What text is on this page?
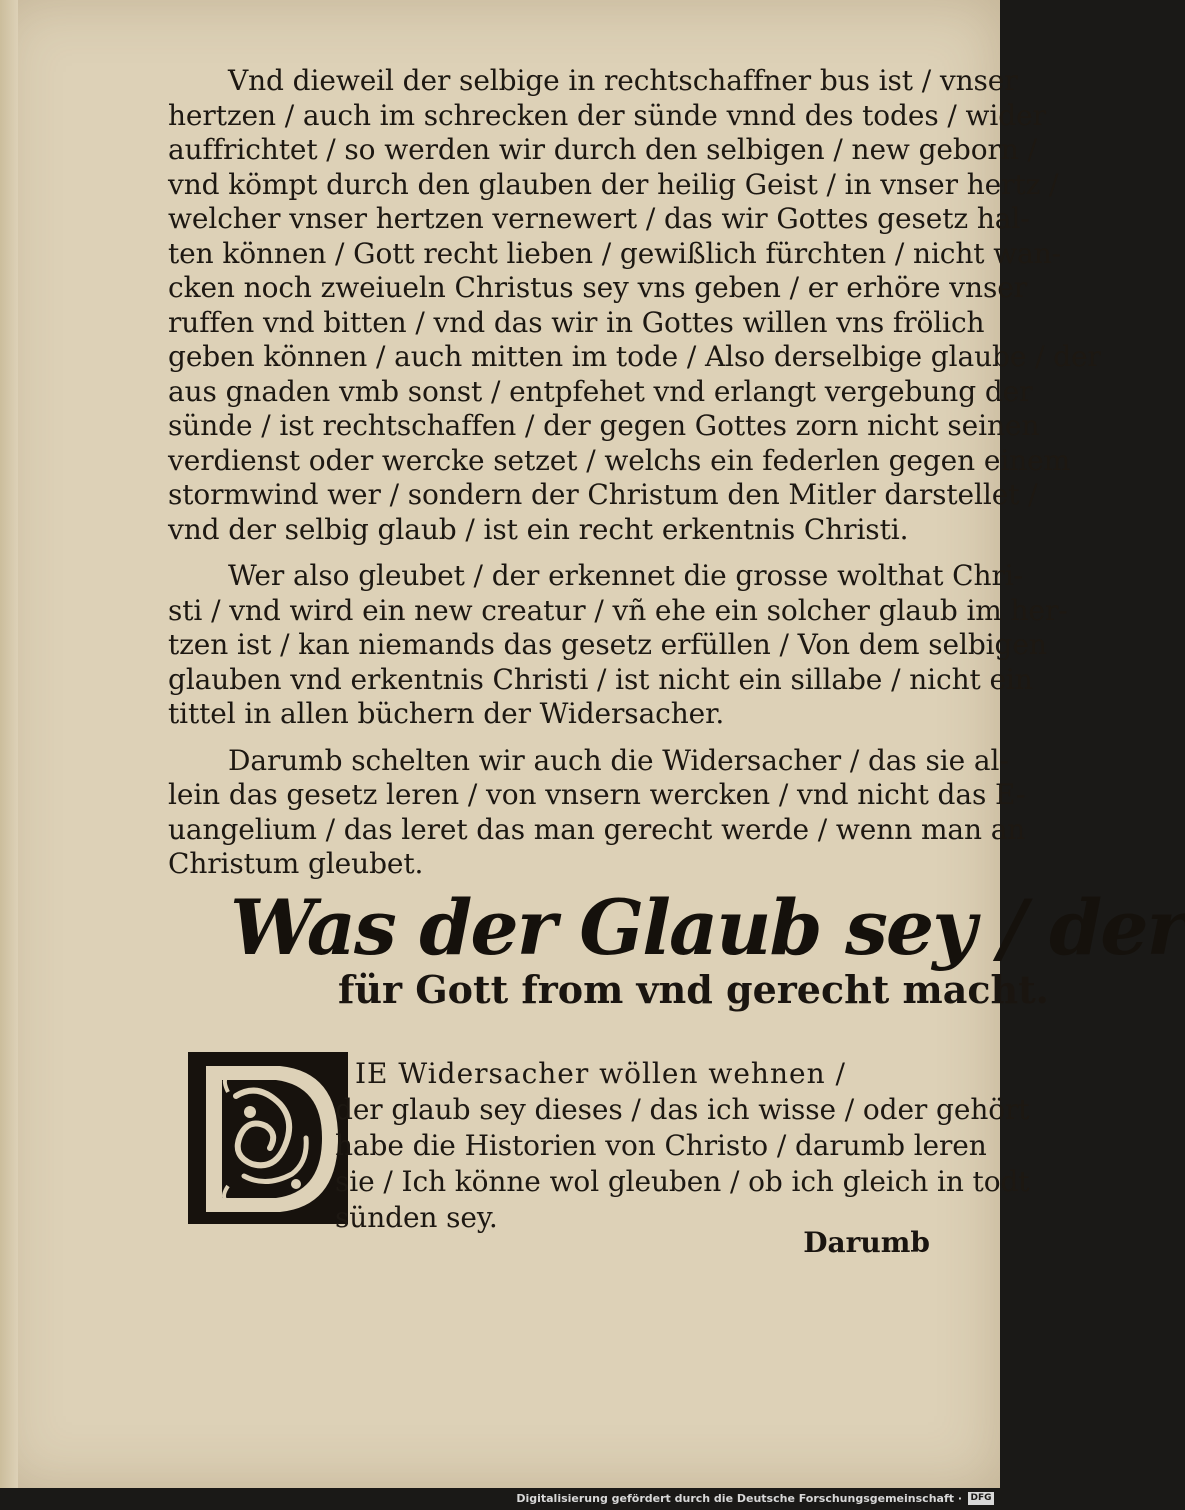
Vnd dieweil der selbige in rechtschaffner bus ist / vnser
hertzen / auch im schrecken der sünde vnnd des todes / wider
auffrichtet / so werden wir durch den selbigen / new geborn /
vnd kömpt durch den glauben der heilig Geist / in vnser hertz /
welcher vnser hertzen vernewert / das wir Gottes gesetz hal-
ten können / Gott recht lieben / gewißlich fürchten / nicht wan-
cken noch zweiueln Christus sey vns geben / er erhöre vnser
ruffen vnd bitten / vnd das wir in Gottes willen vns frölich
geben können / auch mitten im tode / Also derselbige glaube / der
aus gnaden vmb sonst / entpfehet vnd erlangt vergebung der
sünde / ist rechtschaffen / der gegen Gottes zorn nicht seinen
verdienst oder wercke setzet / welchs ein federlen gegen einem
stormwind wer / sondern der Christum den Mitler darstellet /
vnd der selbig glaub / ist ein recht erkentnis Christi.
Wer also gleubet / der erkennet die grosse wolthat Chri-
sti / vnd wird ein new creatur / vñ ehe ein solcher glaub im her-
tzen ist / kan niemands das gesetz erfüllen / Von dem selbigen
glauben vnd erkentnis Christi / ist nicht ein sillabe / nicht ein
tittel in allen büchern der Widersacher.
Darumb schelten wir auch die Widersacher / das sie al-
lein das gesetz leren / von vnsern wercken / vnd nicht das E-
uangelium / das leret das man gerecht werde / wenn man an
Christum gleubet.
Was der Glaub sey / der
für Gott from vnd gerecht macht.
IE Widersacher wöllen wehnen /
der glaub sey dieses / das ich wisse / oder gehört
habe die Historien von Christo / darumb leren
sie / Ich könne wol gleuben / ob ich gleich in todt
sünden sey.
Darumb
Digitalisierung gefördert durch die Deutsche Forschungsgemeinschaft · DFG
